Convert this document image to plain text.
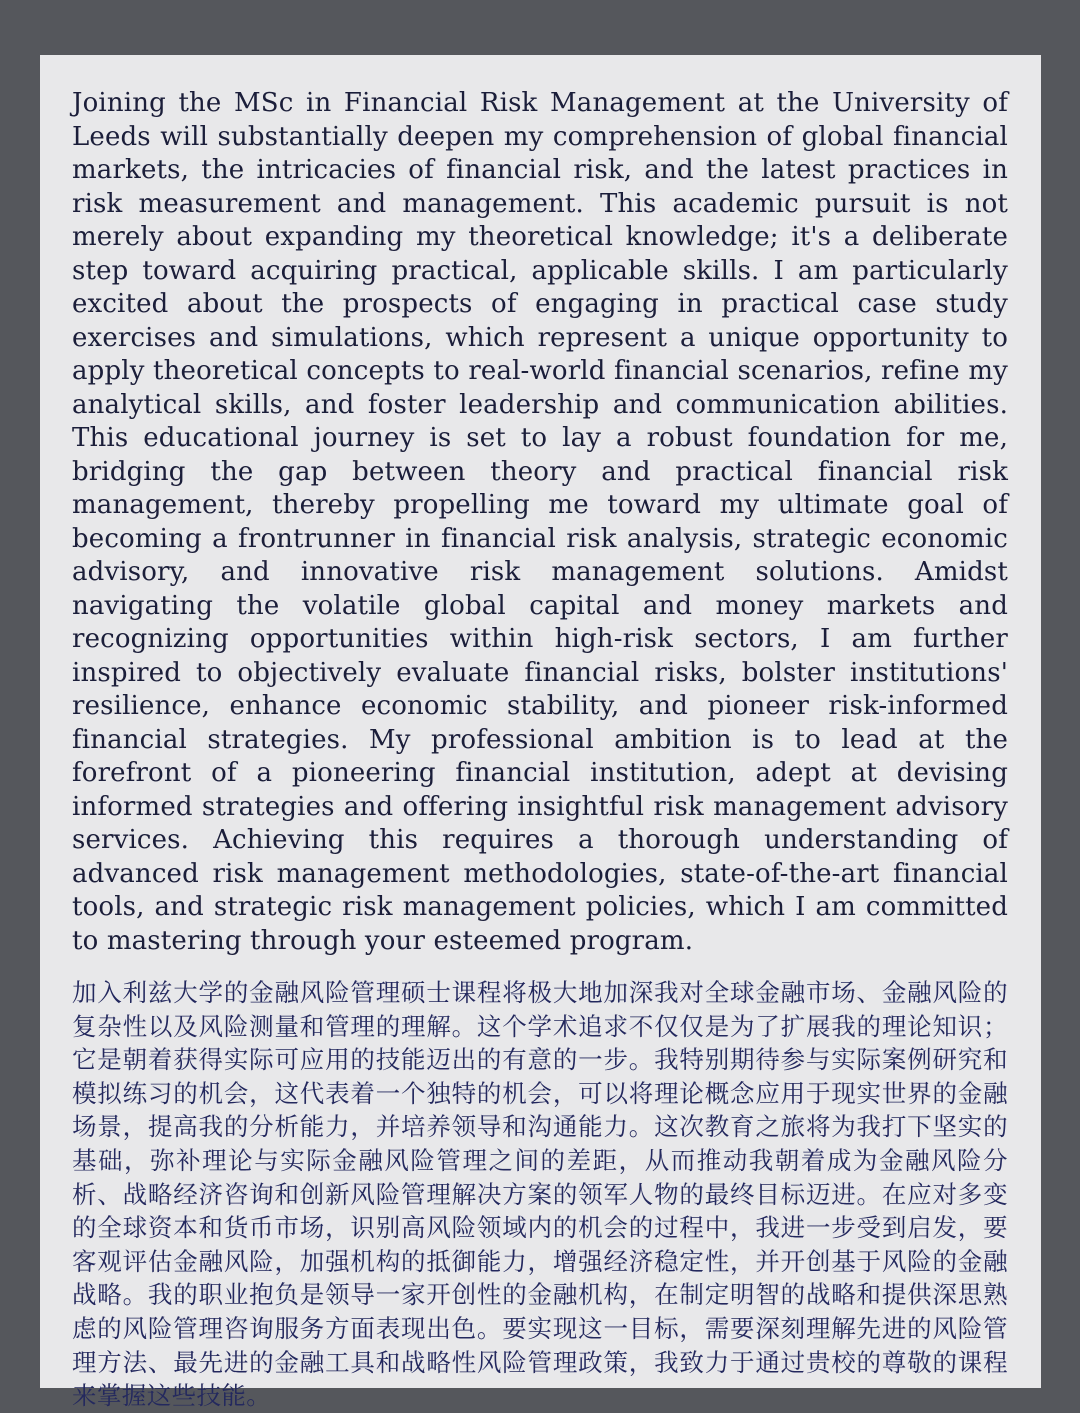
Joining the MSc in Financial Risk Management at the University of Leeds will substantially deepen my comprehension of global financial markets, the intricacies of financial risk, and the latest practices in risk measurement and management. This academic pursuit is not merely about expanding my theoretical knowledge; it's a deliberate step toward acquiring practical, applicable skills. I am particularly excited about the prospects of engaging in practical case study exercises and simulations, which represent a unique opportunity to apply theoretical concepts to real-world financial scenarios, refine my analytical skills, and foster leadership and communication abilities. This educational journey is set to lay a robust foundation for me, bridging the gap between theory and practical financial risk management, thereby propelling me toward my ultimate goal of becoming a frontrunner in financial risk analysis, strategic economic advisory, and innovative risk management solutions. Amidst navigating the volatile global capital and money markets and recognizing opportunities within high-risk sectors, I am further inspired to objectively evaluate financial risks, bolster institutions' resilience, enhance economic stability, and pioneer risk-informed financial strategies. My professional ambition is to lead at the forefront of a pioneering financial institution, adept at devising informed strategies and offering insightful risk management advisory services. Achieving this requires a thorough understanding of advanced risk management methodologies, state-of-the-art financial tools, and strategic risk management policies, which I am committed to mastering through your esteemed program.

加入利兹大学的金融风险管理硕士课程将极大地加深我对全球金融市场、金融风险的复杂性以及风险测量和管理的理解。这个学术追求不仅仅是为了扩展我的理论知识；它是朝着获得实际可应用的技能迈出的有意的一步。我特别期待参与实际案例研究和模拟练习的机会，这代表着一个独特的机会，可以将理论概念应用于现实世界的金融场景，提高我的分析能力，并培养领导和沟通能力。这次教育之旅将为我打下坚实的基础，弥补理论与实际金融风险管理之间的差距，从而推动我朝着成为金融风险分析、战略经济咨询和创新风险管理解决方案的领军人物的最终目标迈进。在应对多变的全球资本和货币市场，识别高风险领域内的机会的过程中，我进一步受到启发，要客观评估金融风险，加强机构的抵御能力，增强经济稳定性，并开创基于风险的金融战略。我的职业抱负是领导一家开创性的金融机构，在制定明智的战略和提供深思熟虑的风险管理咨询服务方面表现出色。要实现这一目标，需要深刻理解先进的风险管理方法、最先进的金融工具和战略性风险管理政策，我致力于通过贵校的尊敬的课程来掌握这些技能。
